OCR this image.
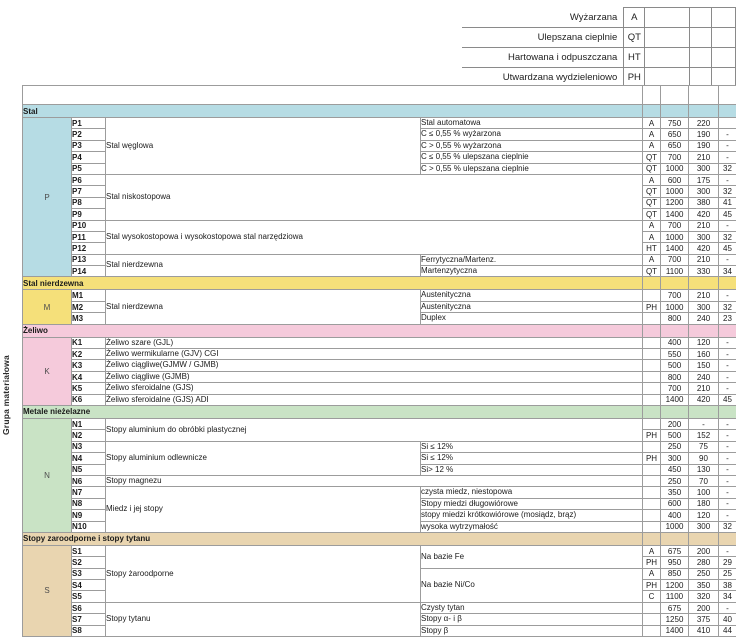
Grupa materiałowa
Wyżarzana	A			
Ulepszana cieplnie	QT			
Hartowana i odpuszczana	HT			
Utwardzana wydzieleniowo	PH			

Stal							
P	P1	Stal węglowa	Stal automatowa	A	750	220	
	P2		C ≤ 0,55 % wyżarzona	A	650	190	-
	P3		C > 0,55 % wyżarzona	A	650	190	-
	P4		C ≤ 0,55 % ulepszana cieplnie	QT	700	210	-
	P5		C > 0,55 % ulepszana cieplnie	QT	1000	300	32
	P6	Stal niskostopowa		A	600	175	-
	P7			QT	1000	300	32
	P8			QT	1200	380	41
	P9			QT	1400	420	45
	P10	Stal wysokostopowa i wysokostopowa stal narzędziowa		A	700	210	-
	P11			A	1000	300	32
	P12			HT	1400	420	45
	P13	Stal nierdzewna	Ferrytyczna/Martenz.	A	700	210	-
	P14		Martenzytyczna	QT	1100	330	34
Stal nierdzewna							
M	M1	Stal nierdzewna	Austenityczna		700	210	-
	M2		Austenityczna	PH	1000	300	32
	M3		Duplex		800	240	23
Żeliwo							
K	K1	Żeliwo szare (GJL)			400	120	-
	K2	Żeliwo wermikularne (GJV) CGI			550	160	-
	K3	Żeliwo ciągliwe(GJMW / GJMB)			500	150	-
	K4	Żeliwo ciągliwe (GJMB)			800	240	-
	K5	Żeliwo sferoidalne (GJS)			700	210	-
	K6	Żeliwo sferoidalne (GJS) ADI			1400	420	45
Metale nieżelazne							
N	N1	Stopy aluminium do obróbki plastycznej			200	-	-
	N2			PH	500	152	-
	N3	Stopy aluminium odlewnicze	Si ≤ 12%		250	75	-
	N4		Si ≤ 12%	PH	300	90	-
	N5		Si> 12 %		450	130	-
	N6	Stopy magnezu			250	70	-
	N7	Miedz i jej stopy	czysta miedz, niestopowa		350	100	-
	N8		Stopy miedzi długowiórowe		600	180	-
	N9		stopy miedzi krótkowiórowe (mosiądz, brąz)		400	120	-
	N10		wysoka wytrzymałość		1000	300	32
Stopy zaroodporne i stopy tytanu							
S	S1	Stopy żaroodporne	Na bazie Fe	A	675	200	-
	S2			PH	950	280	29
	S3		Na bazie Ni/Co	A	850	250	25
	S4			PH	1200	350	38
	S5			C	1100	320	34
	S6	Stopy tytanu	Czysty tytan		675	200	-
	S7		Stopy α- i β		1250	375	40
	S8		Stopy β		1400	410	44
